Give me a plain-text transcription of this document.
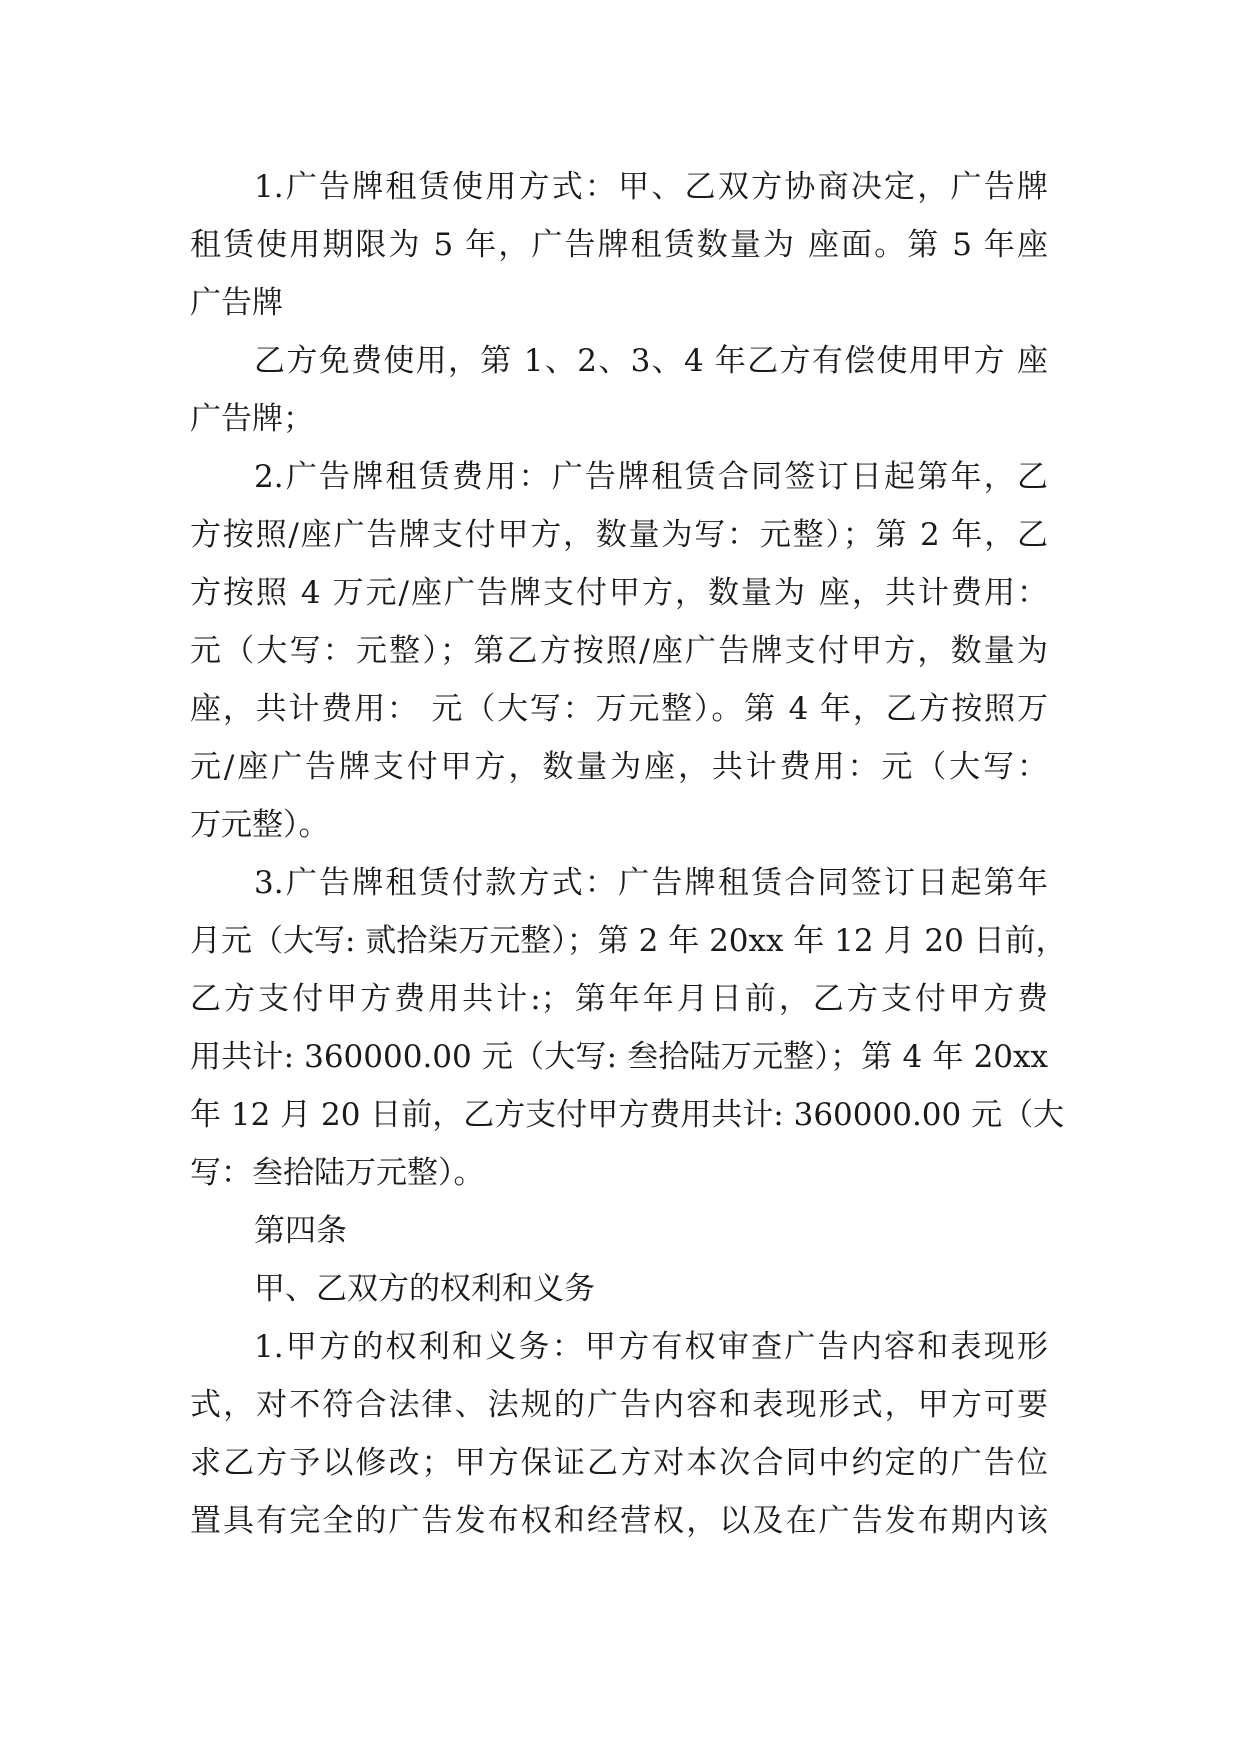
1.广告牌租赁使用方式：甲、乙双方协商决定，广告牌
租赁使用期限为 5 年，广告牌租赁数量为 座面。第 5 年座
广告牌
乙方免费使用，第 1、2、3、4 年乙方有偿使用甲方 座
广告牌；
2.广告牌租赁费用：广告牌租赁合同签订日起第年，乙
方按照/座广告牌支付甲方，数量为写：元整）；第 2 年，乙
方按照 4 万元/座广告牌支付甲方，数量为 座，共计费用：
元（大写：元整）；第乙方按照/座广告牌支付甲方，数量为
座，共计费用： 元（大写：万元整）。第 4 年，乙方按照万
元/座广告牌支付甲方，数量为座，共计费用：元（大写：
万元整）。
3.广告牌租赁付款方式：广告牌租赁合同签订日起第年
月元（大写: 贰拾柒万元整）；第 2 年 20xx 年 12 月 20 日前，
乙方支付甲方费用共计:；第年年月日前，乙方支付甲方费
用共计: 360000.00 元（大写: 叁拾陆万元整）；第 4 年 20xx
年 12 月 20 日前，乙方支付甲方费用共计: 360000.00 元（大
写：叁拾陆万元整）。
第四条
甲、乙双方的权利和义务
1.甲方的权利和义务：甲方有权审查广告内容和表现形
式，对不符合法律、法规的广告内容和表现形式，甲方可要
求乙方予以修改；甲方保证乙方对本次合同中约定的广告位
置具有完全的广告发布权和经营权，以及在广告发布期内该
